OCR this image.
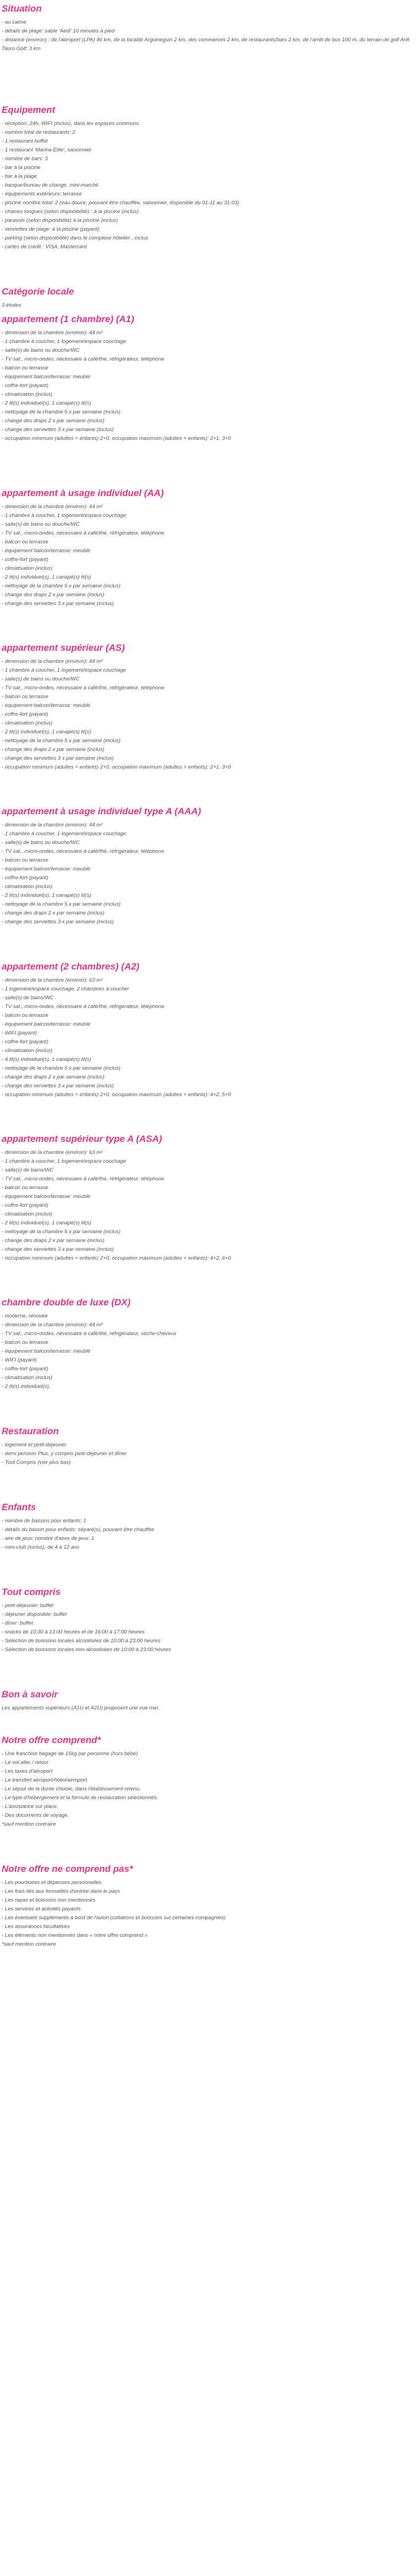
Situation

- au calme

- détails de plage: sable 'Aedi' 10 minutes à pied

- distance (environ) : de l'aéroport (LPA) 46 km, de la localité Arguineguin 2 km, des commerces 2 km, de restaurants/bars 2 km, de l'arrêt de bus 100 m, du terrain de golf Anfi Tauro Golf: 3 km

Equipement

- réception, 24h, WIFI (inclus), dans les espaces communs

- nombre total de restaurants: 2

- 1 restaurant buffet

- 1 restaurant 'Marina Elite', saisonnier

- nombre de bars: 3

- bar à la piscine

- bar à la plage

- banque/bureau de change, mini-marché

- équipements extérieurs: terrasse

- piscine nombre total: 2 (eau douce, pouvant être chauffée, saisonnier, disponible du 01-11 au 31-03)

- chaises longues (selon disponibilité) : à la piscine (inclus)

- parasols (selon disponibilité) à la piscine (inclus)

- serviettes de plage: à la piscine (payant)

- parking (selon disponibilité) dans le complexe hôtelier , inclus

- cartes de crédit : VISA, Mastercard

Catégorie locale

3 étoiles

appartement (1 chambre) (A1)

- dimension de la chambre (environ): 44 m²

- 1 chambre à coucher, 1 logement/espace couchage

- salle(s) de bains ou douche/WC

- TV sat., micro-ondes, nécessaire à café/thé, réfrigérateur, téléphone

- balcon ou terrasse

- équipement balcon/terrasse: meublé

- coffre-fort (payant)

- climatisation (inclus)

- 2 lit(s) individuel(s), 1 canapé(s) lit(s)

- nettoyage de la chambre 5 x par semaine (inclus)

- change des draps 2 x par semaine (inclus)

- change des serviettes 3 x par semaine (inclus)

- occupation minimum (adultes + enfants) 2+0, occupation maximum (adultes + enfants): 2+1, 3+0

appartement à usage individuel (AA)

- dimension de la chambre (environ): 44 m²

- 1 chambre à coucher, 1 logement/espace couchage

- salle(s) de bains ou douche/WC

- TV sat., micro-ondes, nécessaire à café/thé, réfrigérateur, téléphone

- balcon ou terrasse

- équipement balcon/terrasse: meublé

- coffre-fort (payant)

- climatisation (inclus)

- 2 lit(s) individuel(s), 1 canapé(s) lit(s)

- nettoyage de la chambre 5 x par semaine (inclus)

- change des draps 2 x par semaine (inclus)

- change des serviettes 3 x par semaine (inclus)

appartement supérieur (AS)

- dimension de la chambre (environ): 44 m²

- 1 chambre à coucher, 1 logement/espace couchage

- salle(s) de bains ou douche/WC

- TV sat., micro-ondes, nécessaire à café/thé, réfrigérateur, téléphone

- balcon ou terrasse

- équipement balcon/terrasse: meublé

- coffre-fort (payant)

- climatisation (inclus)

- 2 lit(s) individuel(s), 1 canapé(s) lit(s)

- nettoyage de la chambre 5 x par semaine (inclus)

- change des draps 2 x par semaine (inclus)

- change des serviettes 3 x par semaine (inclus)

- occupation minimum (adultes + enfants) 2+0, occupation maximum (adultes + enfants): 2+1, 3+0

appartement à usage individuel type A (AAA)

- dimension de la chambre (environ): 44 m²

- 1 chambre à coucher, 1 logement/espace couchage

- salle(s) de bains ou douche/WC

- TV sat., micro-ondes, nécessaire à café/thé, réfrigérateur, téléphone

- balcon ou terrasse

- équipement balcon/terrasse: meublé

- coffre-fort (payant)

- climatisation (inclus)

- 2 lit(s) individuel(s), 1 canapé(s) lit(s)

- nettoyage de la chambre 5 x par semaine (inclus)

- change des draps 2 x par semaine (inclus)

- change des serviettes 3 x par semaine (inclus)

appartement (2 chambres) (A2)

- dimension de la chambre (environ): 63 m²

- 1 logement/espace couchage, 2 chambres à coucher

- salle(s) de bains/WC

- TV sat., micro-ondes, nécessaire à café/thé, réfrigérateur, téléphone

- balcon ou terrasse

- équipement balcon/terrasse: meublé

- WIFI (payant)

- coffre-fort (payant)

- climatisation (inclus)

- 4 lit(s) individuel(s), 1 canapé(s) lit(s)

- nettoyage de la chambre 5 x par semaine (inclus)

- change des draps 2 x par semaine (inclus)

- change des serviettes 3 x par semaine (inclus)

- occupation minimum (adultes + enfants) 2+0, occupation maximum (adultes + enfants): 4+2, 5+0

appartement supérieur type A (ASA)

- dimension de la chambre (environ): 63 m²

- 1 chambre à coucher, 1 logement/espace couchage

- salle(s) de bains/WC

- TV sat., micro-ondes, nécessaire à café/thé, réfrigérateur, téléphone

- balcon ou terrasse

- équipement balcon/terrasse: meublé

- coffre-fort (payant)

- climatisation (inclus)

- 2 lit(s) individuel(s), 1 canapé(s) lit(s)

- nettoyage de la chambre 5 x par semaine (inclus)

- change des draps 2 x par semaine (inclus)

- change des serviettes 3 x par semaine (inclus)

- occupation minimum (adultes + enfants) 2+0, occupation maximum (adultes + enfants): 4+2, 6+0

chambre double de luxe (DX)

- moderne, rénovée

- dimension de la chambre (environ): 44 m²

- TV sat., micro-ondes, nécessaire à café/thé, réfrigérateur, sèche-cheveux

- balcon ou terrasse

- équipement balcon/terrasse: meublé

- WIFI (payant)

- coffre-fort (payant)

- climatisation (inclus)

- 2 lit(s) individuel(s),

Restauration

- logement et petit-déjeuner

- demi pension Plus, y compris petit-déjeuner et dîner

- Tout Compris (voir plus bas)

Enfants

- nombre de bassins pour enfants: 1

- détails du bassin pour enfants: séparé(s), pouvant être chauffée

- aire de jeux: nombre d'aires de jeux: 1

- mini-club (inclus), de 4 à 12 ans

Tout compris

- petit-déjeuner: buffet

- déjeuner disponible: buffet

- dîner: buffet

- snacks de 10:30 à 13:00 heures et de 16:00 à 17:00 heures

- Sélection de boissons locales alcoolisées de 10:00 à 23:00 heures

- Sélection de boissons locales non-alcoolisées de 10:00 à 23:00 heures

Bon à savoir

Les appartements supérieurs (A1U et A2U) proposent une vue mer.

Notre offre comprend*

- Une franchise bagage de 15kg par personne (hors bébé)

- Le vol aller / retour

- Les taxes d'aéroport

- Le transfert aéroport/hôtel/aéroport.

- Le séjour de la durée choisie, dans l'établissement retenu.

- Le type d'hébergement et la formule de restauration sélectionnés.

- L'assistance sur place.

- Des documents de voyage.

*sauf mention contraire

Notre offre ne comprend pas*

- Les pourboires et dépenses personnelles

- Les frais liés aux formalités d'entrée dans le pays

- Les repas et boissons non mentionnés

- Les services et activités payants

- Les éventuels suppléments à bord de l'avion (collations et boissons sur certaines compagnies)

- Les assurances facultatives

- Les éléments non mentionnés dans « notre offre comprend »

*sauf mention contraire
